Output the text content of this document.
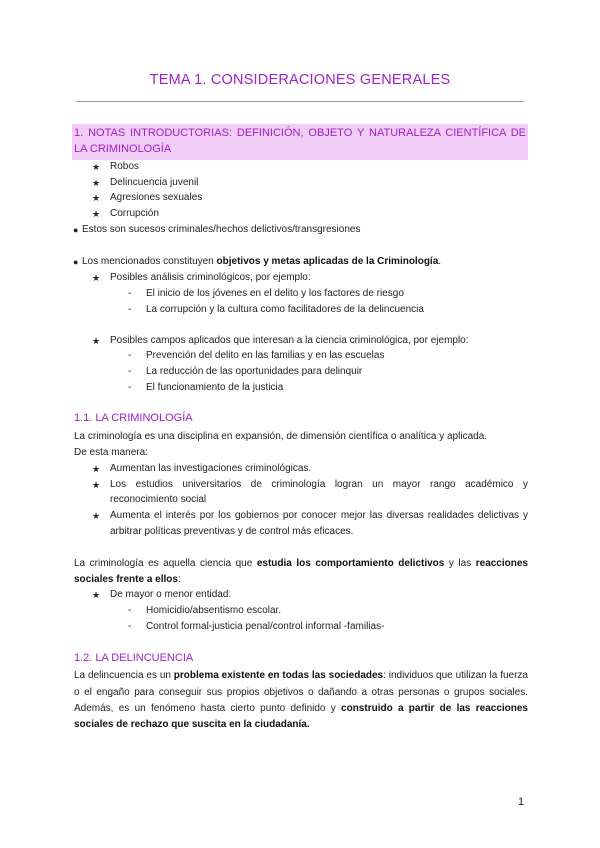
TEMA 1. CONSIDERACIONES GENERALES
1. NOTAS INTRODUCTORIAS: DEFINICIÓN, OBJETO Y NATURALEZA CIENTÍFICA DE
LA CRIMINOLOGÍA
★ Robos
★ Delincuencia juvenil
★ Agresiones sexuales
★ Corrupción
● Estos son sucesos criminales/hechos delictivos/transgresiones
● Los mencionados constituyen objetivos y metas aplicadas de la Criminología.
★ Posibles análisis criminológicos, por ejemplo:
- El inicio de los jóvenes en el delito y los factores de riesgo
- La corrupción y la cultura como facilitadores de la delincuencia
★ Posibles campos aplicados que interesan a la ciencia criminológica, por ejemplo:
- Prevención del delito en las familias y en las escuelas
- La reducción de las oportunidades para delinquir
- El funcionamiento de la justicia
1.1. LA CRIMINOLOGÍA
La criminología es una disciplina en expansión, de dimensión científica o analítica y aplicada.
De esta manera:
★ Aumentan las investigaciones criminológicas.
★ Los estudios universitarios de criminología logran un mayor rango académico y
reconocimiento social
★ Aumenta el interés por los gobiernos por conocer mejor las diversas realidades delictivas y
arbitrar políticas preventivas y de control más eficaces.
La criminología es aquella ciencia que estudia los comportamiento delictivos y las reacciones
sociales frente a ellos:
★ De mayor o menor entidad:
- Homicidio/absentismo escolar.
- Control formal-justicia penal/control informal -familias-
1.2. LA DELINCUENCIA
La delincuencia es un problema existente en todas las sociedades: individuos que utilizan la fuerza
o el engaño para conseguir sus propios objetivos o dañando a otras personas o grupos sociales.
Además, es un fenómeno hasta cierto punto definido y construido a partir de las reacciones
sociales de rechazo que suscita en la ciudadanía.
1
